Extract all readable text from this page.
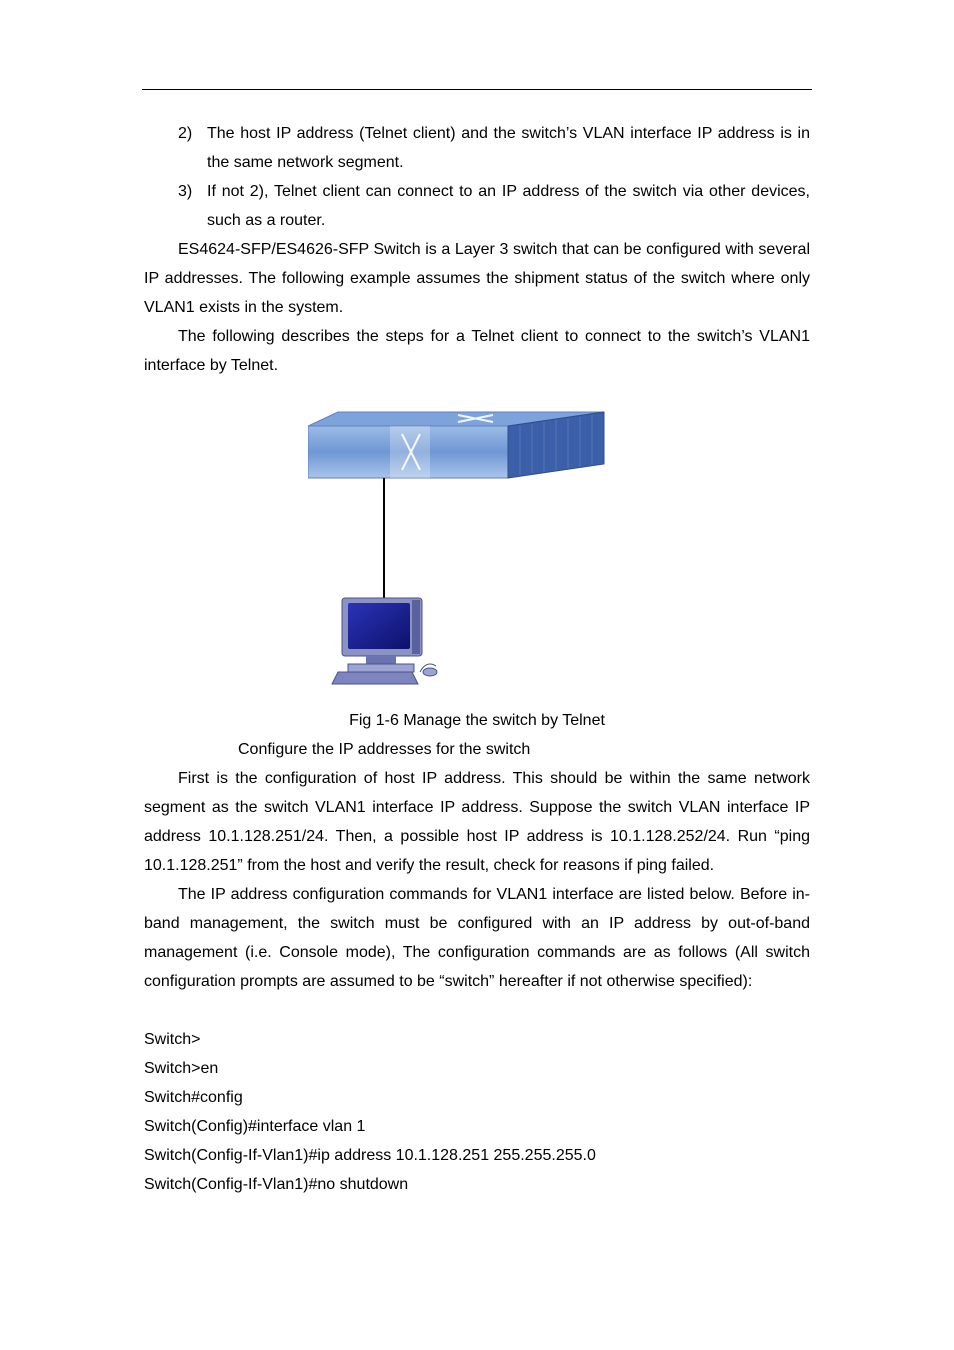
2) The host IP address (Telnet client) and the switch’s VLAN interface IP address is in the same network segment.
3) If not 2), Telnet client can connect to an IP address of the switch via other devices, such as a router.

ES4624-SFP/ES4626-SFP Switch is a Layer 3 switch that can be configured with several IP addresses. The following example assumes the shipment status of the switch where only VLAN1 exists in the system.

The following describes the steps for a Telnet client to connect to the switch’s VLAN1 interface by Telnet.

Fig 1-6 Manage the switch by Telnet
Configure the IP addresses for the switch

First is the configuration of host IP address. This should be within the same network segment as the switch VLAN1 interface IP address. Suppose the switch VLAN interface IP address 10.1.128.251/24. Then, a possible host IP address is 10.1.128.252/24. Run “ping 10.1.128.251” from the host and verify the result, check for reasons if ping failed.

The IP address configuration commands for VLAN1 interface are listed below. Before in-band management, the switch must be configured with an IP address by out-of-band management (i.e. Console mode), The configuration commands are as follows (All switch configuration prompts are assumed to be “switch” hereafter if not otherwise specified):

Switch>
Switch>en
Switch#config
Switch(Config)#interface vlan 1
Switch(Config-If-Vlan1)#ip address 10.1.128.251 255.255.255.0
Switch(Config-If-Vlan1)#no shutdown
